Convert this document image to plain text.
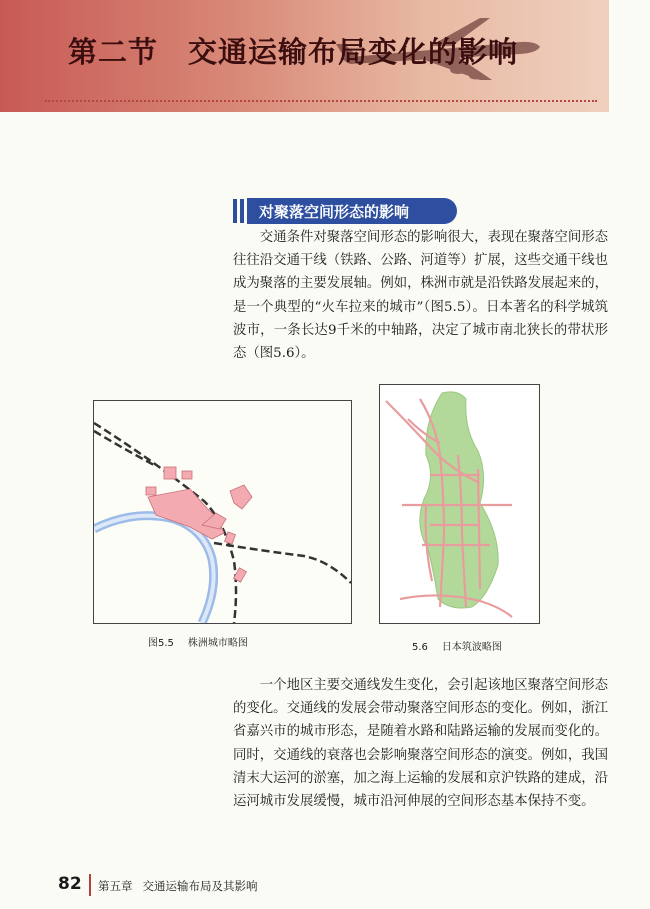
第二节　交通运输布局变化的影响
对聚落空间形态的影响
交通条件对聚落空间形态的影响很大，表现在聚落空间形态往往沿交通干线（铁路、公路、河道等）扩展，这些交通干线也成为聚落的主要发展轴。例如，株洲市就是沿铁路发展起来的，是一个典型的“火车拉来的城市”（图5.5）。日本著名的科学城筑波市，一条长达9千米的中轴路，决定了城市南北狭长的带状形态（图5.6）。
图5.5 株洲城市略图	5.6 日本筑波略图
一个地区主要交通线发生变化，会引起该地区聚落空间形态的变化。交通线的发展会带动聚落空间形态的变化。例如，浙江省嘉兴市的城市形态，是随着水路和陆路运输的发展而变化的。同时，交通线的衰落也会影响聚落空间形态的演变。例如，我国清末大运河的淤塞，加之海上运输的发展和京沪铁路的建成，沿运河城市发展缓慢，城市沿河伸展的空间形态基本保持不变。
82 第五章 交通运输布局及其影响
